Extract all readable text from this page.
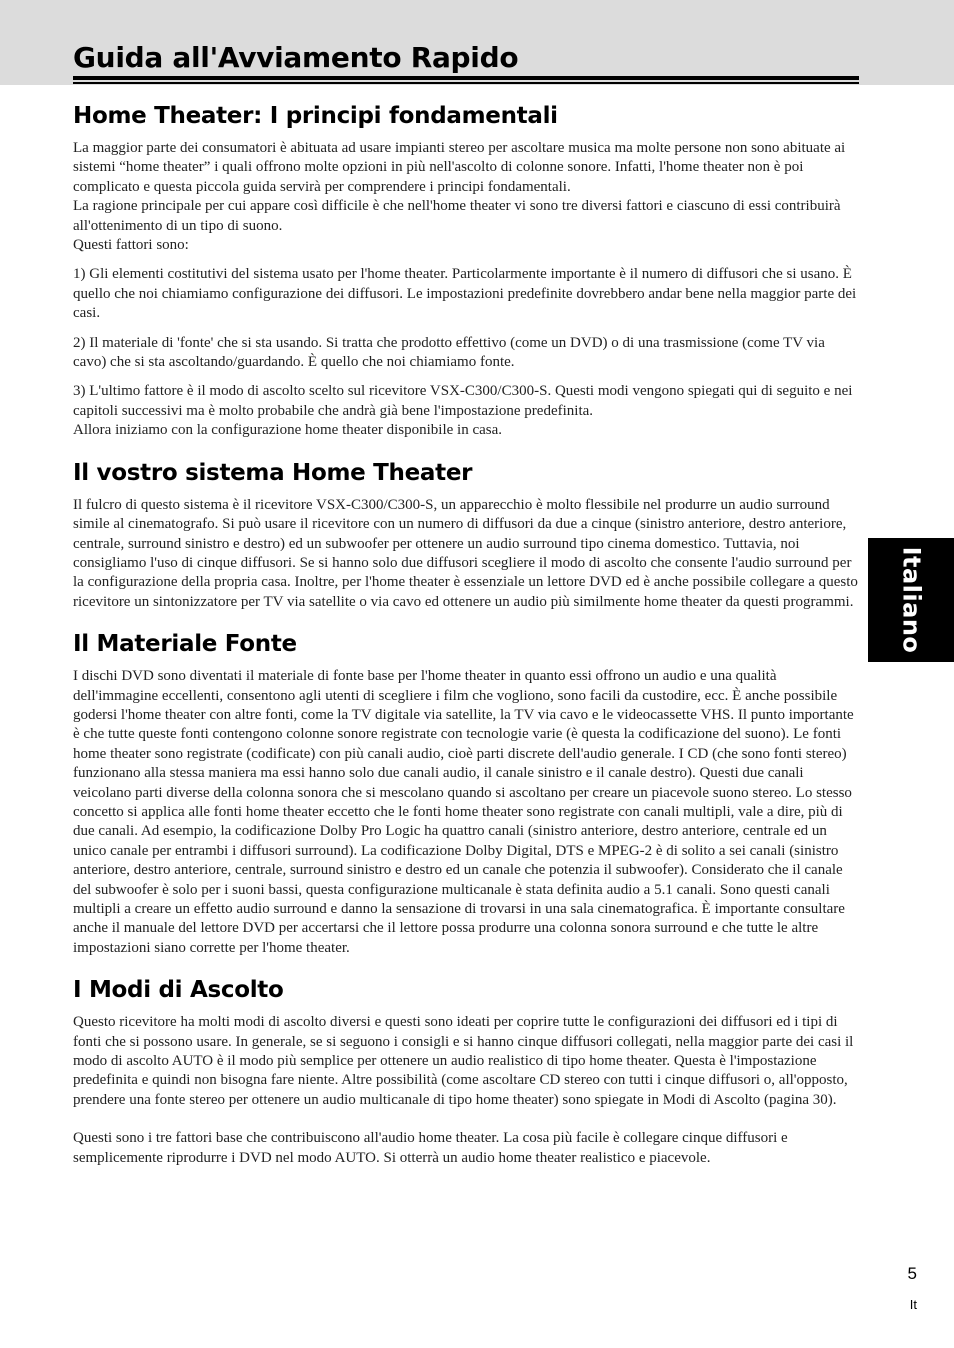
Guida all'Avviamento Rapido
Home Theater: I principi fondamentali

La maggior parte dei consumatori è abituata ad usare impianti stereo per ascoltare musica ma molte persone non sono abituate ai sistemi “home theater” i quali offrono molte opzioni in più nell'ascolto di colonne sonore. Infatti, l'home theater non è poi complicato e questa piccola guida servirà per comprendere i principi fondamentali.

La ragione principale per cui appare così difficile è che nell'home theater vi sono tre diversi fattori e ciascuno di essi contribuirà all'ottenimento di un tipo di suono.

Questi fattori sono:

1) Gli elementi costitutivi del sistema usato per l'home theater. Particolarmente importante è il numero di diffusori che si usano. È quello che noi chiamiamo configurazione dei diffusori. Le impostazioni predefinite dovrebbero andar bene nella maggior parte dei casi.

2) Il materiale di 'fonte' che si sta usando. Si tratta che prodotto effettivo (come un DVD) o di una trasmissione (come TV via cavo) che si sta ascoltando/guardando. È quello che noi chiamiamo fonte.

3) L'ultimo fattore è il modo di ascolto scelto sul ricevitore VSX-C300/C300-S. Questi modi vengono spiegati qui di seguito e nei capitoli successivi ma è molto probabile che andrà già bene l'impostazione predefinita.

Allora iniziamo con la configurazione home theater disponibile in casa.

Il vostro sistema Home Theater

Il fulcro di questo sistema è il ricevitore VSX-C300/C300-S, un apparecchio è molto flessibile nel produrre un audio surround simile al cinematografo. Si può usare il ricevitore con un numero di diffusori da due a cinque (sinistro anteriore, destro anteriore, centrale, surround sinistro e destro) ed un subwoofer per ottenere un audio surround tipo cinema domestico. Tuttavia, noi consigliamo l'uso di cinque diffusori. Se si hanno solo due diffusori scegliere il modo di ascolto che consente l'audio surround per la configurazione della propria casa. Inoltre, per l'home theater è essenziale un lettore DVD ed è anche possibile collegare a questo ricevitore un sintonizzatore per TV via satellite o via cavo ed ottenere un audio più similmente home theater da questi programmi.

Il Materiale Fonte

I dischi DVD sono diventati il materiale di fonte base per l'home theater in quanto essi offrono un audio e una qualità dell'immagine eccellenti, consentono agli utenti di scegliere i film che vogliono, sono facili da custodire, ecc. È anche possibile godersi l'home theater con altre fonti, come la TV digitale via satellite, la TV via cavo e le videocassette VHS. Il punto importante è che tutte queste fonti contengono colonne sonore registrate con tecnologie varie (è questa la codificazione del suono). Le fonti home theater sono registrate (codificate) con più canali audio, cioè parti discrete dell'audio generale. I CD (che sono fonti stereo) funzionano alla stessa maniera ma essi hanno solo due canali audio, il canale sinistro e il canale destro). Questi due canali veicolano parti diverse della colonna sonora che si mescolano quando si ascoltano per creare un piacevole suono stereo. Lo stesso concetto si applica alle fonti home theater eccetto che le fonti home theater sono registrate con canali multipli, vale a dire, più di due canali. Ad esempio, la codificazione Dolby Pro Logic ha quattro canali (sinistro anteriore, destro anteriore, centrale ed un unico canale per entrambi i diffusori surround). La codificazione Dolby Digital, DTS e MPEG-2 è di solito a sei canali (sinistro anteriore, destro anteriore, centrale, surround sinistro e destro ed un canale che potenzia il subwoofer). Considerato che il canale del subwoofer è solo per i suoni bassi, questa configurazione multicanale è stata definita audio a 5.1 canali. Sono questi canali multipli a creare un effetto audio surround e danno la sensazione di trovarsi in una sala cinematografica. È importante consultare anche il manuale del lettore DVD per accertarsi che il lettore possa produrre una colonna sonora surround e che tutte le altre impostazioni siano corrette per l'home theater.

I Modi di Ascolto

Questo ricevitore ha molti modi di ascolto diversi e questi sono ideati per coprire tutte le configurazioni dei diffusori ed i tipi di fonti che si possono usare. In generale, se si seguono i consigli e si hanno cinque diffusori collegati, nella maggior parte dei casi il modo di ascolto AUTO è il modo più semplice per ottenere un audio realistico di tipo home theater. Questa è l'impostazione predefinita e quindi non bisogna fare niente. Altre possibilità (come ascoltare CD stereo con tutti i cinque diffusori o, all'opposto, prendere una fonte stereo per ottenere un audio multicanale di tipo home theater) sono spiegate in Modi di Ascolto (pagina 30).

Questi sono i tre fattori base che contribuiscono all'audio home theater. La cosa più facile è collegare cinque diffusori e semplicemente riprodurre i DVD nel modo AUTO. Si otterrà un audio home theater realistico e piacevole.

Italiano
5
It
